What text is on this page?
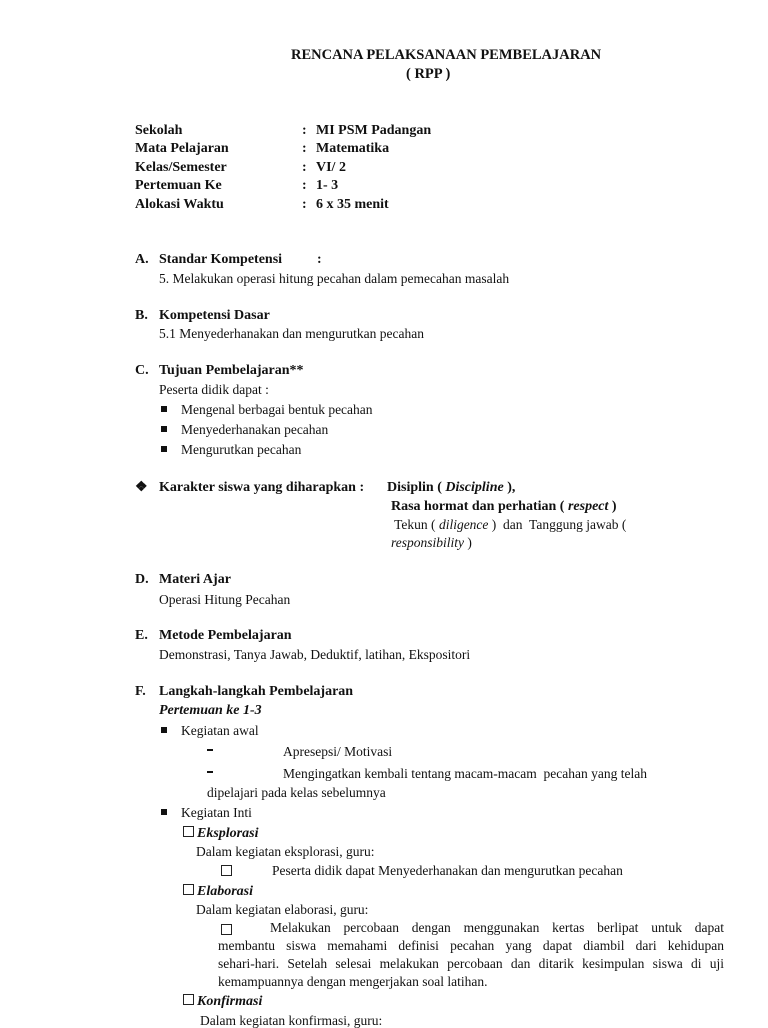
RENCANA PELAKSANAAN PEMBELAJARAN
( RPP )
Sekolah	: MI PSM Padangan
Mata Pelajaran	: Matematika
Kelas/Semester	: VI/ 2
Pertemuan Ke	: 1- 3
Alokasi Waktu	: 6 x 35 menit
A. Standar Kompetensi :
5. Melakukan operasi hitung pecahan dalam pemecahan masalah
B. Kompetensi Dasar
5.1 Menyederhanakan dan mengurutkan pecahan
C. Tujuan Pembelajaran**
Peserta didik dapat :
Mengenal berbagai bentuk pecahan
Menyederhanakan pecahan
Mengurutkan pecahan
❖ Karakter siswa yang diharapkan : Disiplin ( Discipline ),
Rasa hormat dan perhatian ( respect )
Tekun ( diligence )  dan  Tanggung jawab (
responsibility )
D. Materi Ajar
Operasi Hitung Pecahan
E. Metode Pembelajaran
Demonstrasi, Tanya Jawab, Deduktif, latihan, Ekspositori
F. Langkah-langkah Pembelajaran
Pertemuan ke 1-3
Kegiatan awal
Apresepsi/ Motivasi
Mengingatkan kembali tentang macam-macam  pecahan yang telah
dipelajari pada kelas sebelumnya
Kegiatan Inti
Eksplorasi
Dalam kegiatan eksplorasi, guru:
Peserta didik dapat Menyederhanakan dan mengurutkan pecahan
Elaborasi
Dalam kegiatan elaborasi, guru:
Melakukan percobaan dengan menggunakan kertas berlipat untuk dapat
membantu siswa memahami definisi pecahan yang dapat diambil dari kehidupan
sehari-hari. Setelah selesai melakukan percobaan dan ditarik kesimpulan siswa di uji
kemampuannya dengan mengerjakan soal latihan.
Konfirmasi
Dalam kegiatan konfirmasi, guru:
